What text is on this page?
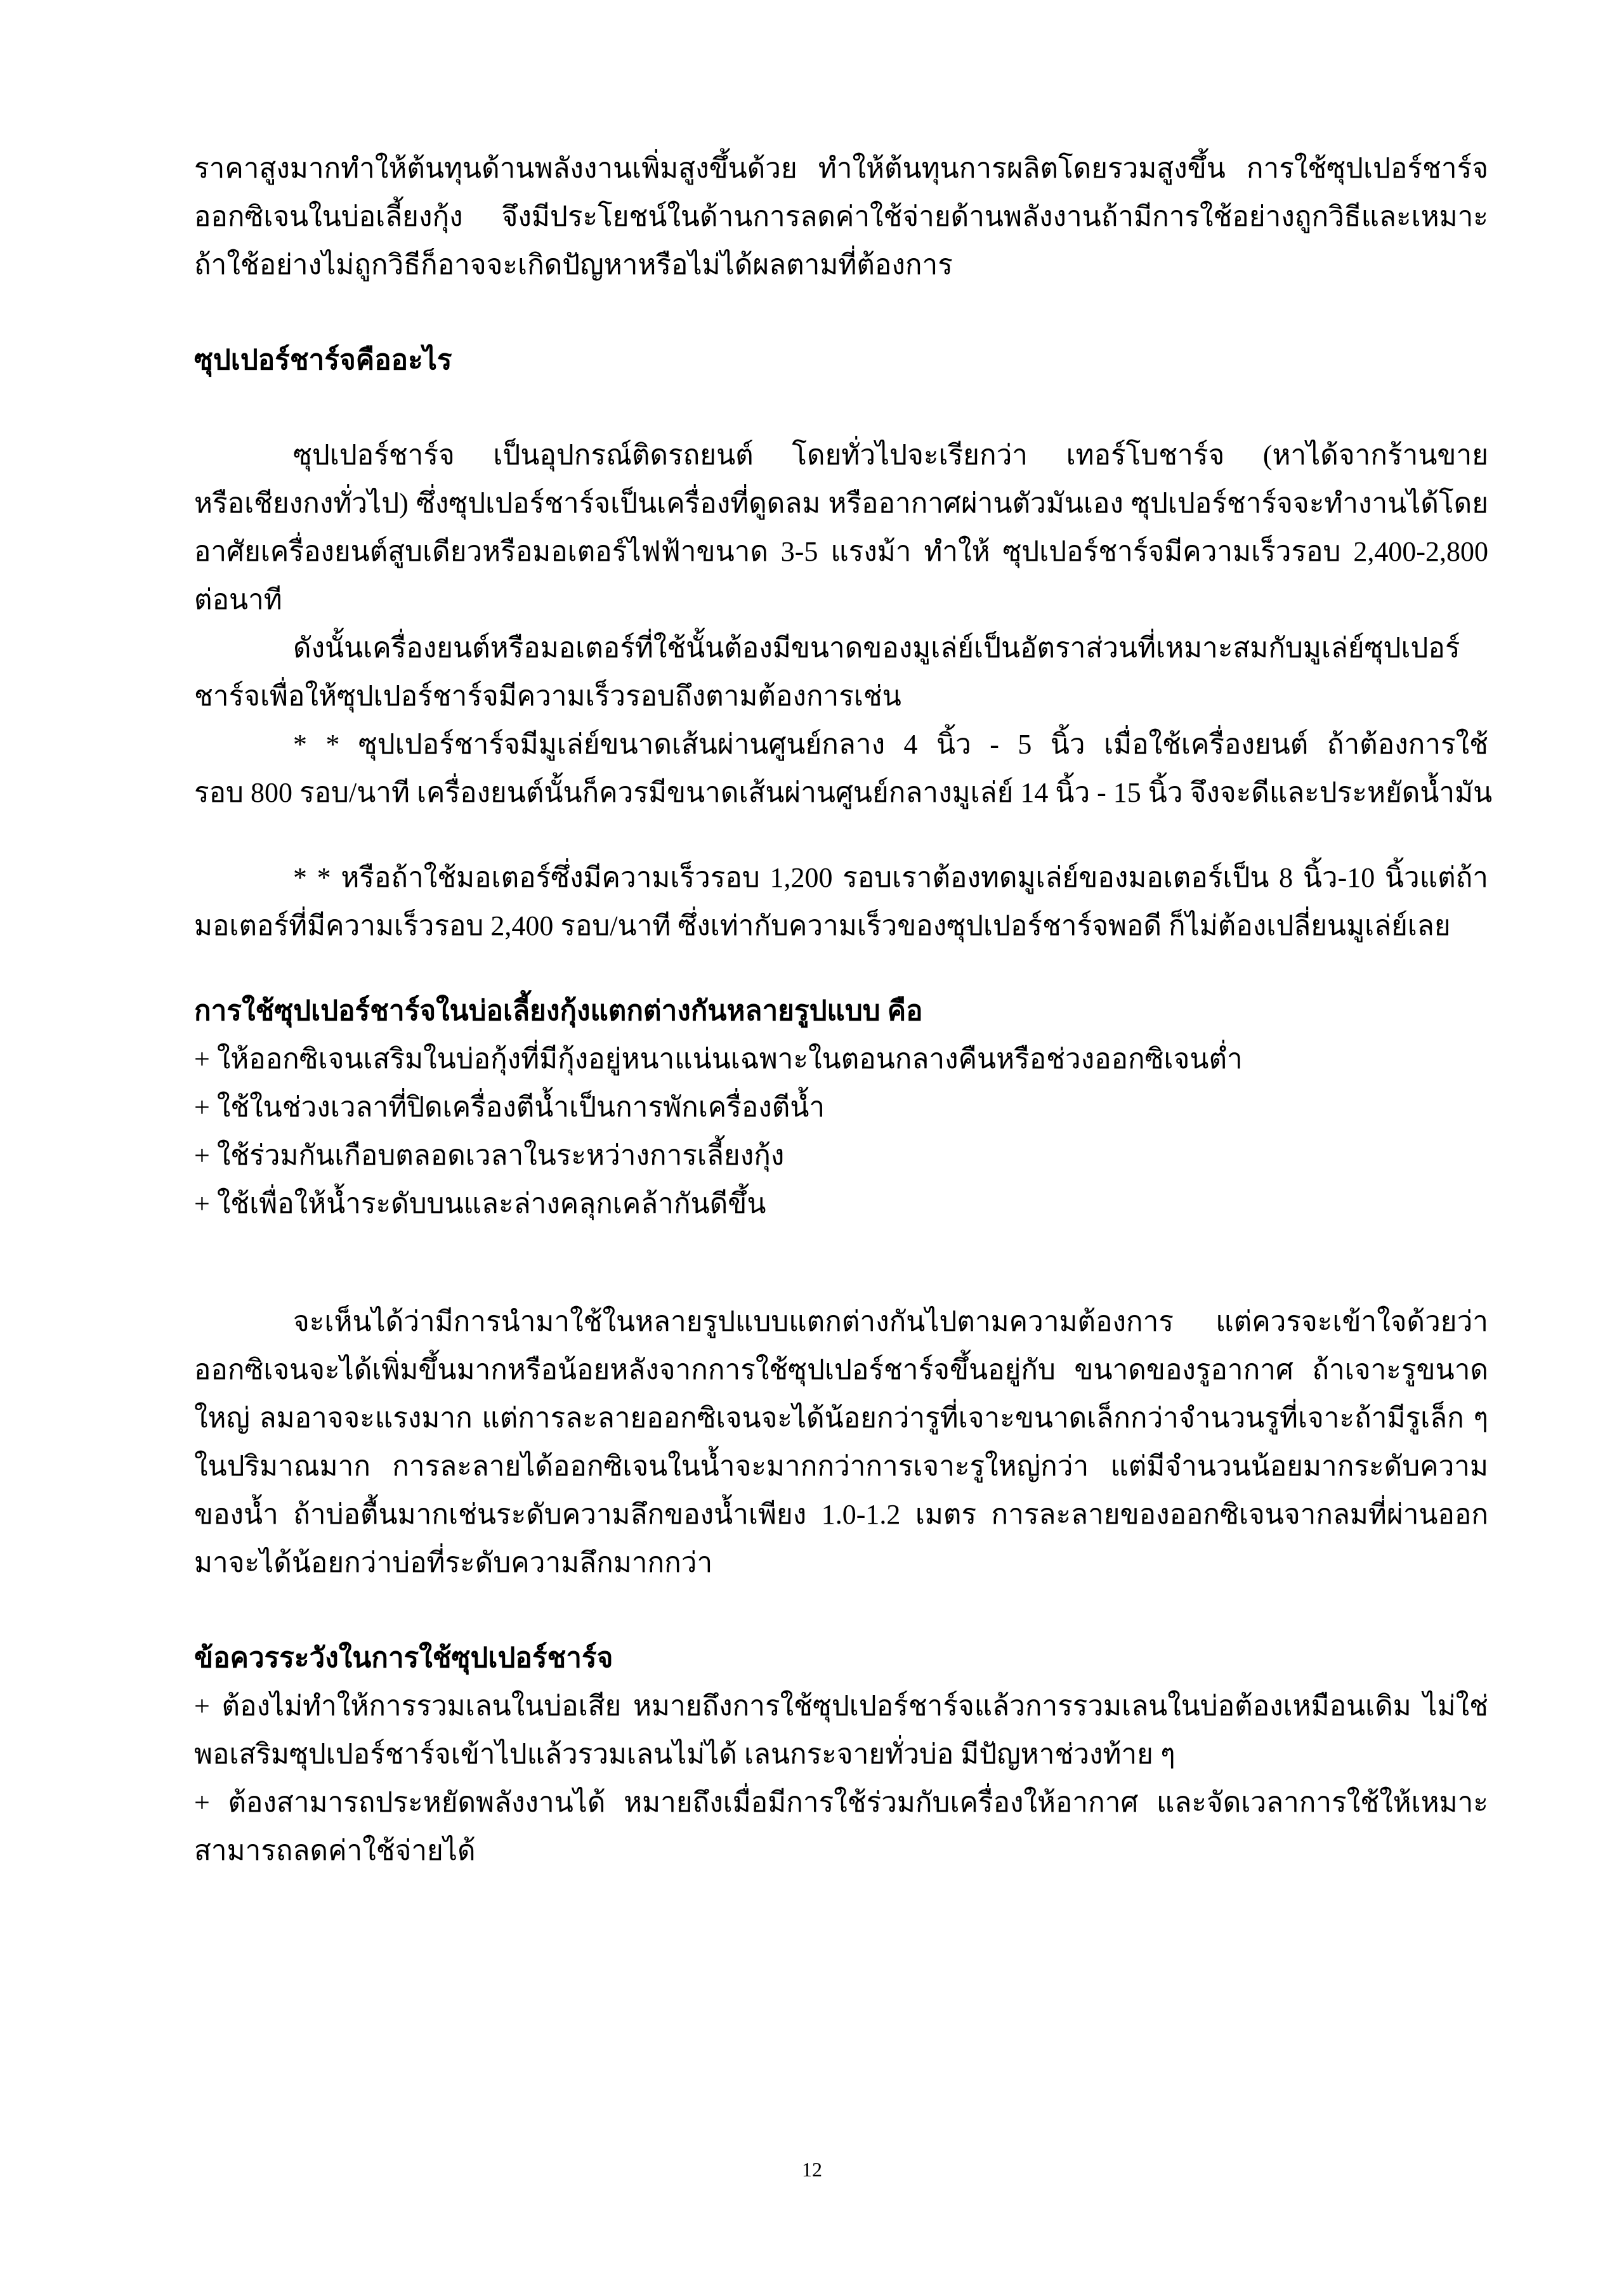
ราคาสูงมากทำให้ต้นทุนด้านพลังงานเพิ่มสูงขึ้นด้วย ทำให้ต้นทุนการผลิตโดยรวมสูงขึ้น การใช้ซุปเปอร์ชาร์จ
ออกซิเจนในบ่อเลี้ยงกุ้ง จึงมีประโยชน์ในด้านการลดค่าใช้จ่ายด้านพลังงานถ้ามีการใช้อย่างถูกวิธีและเหมาะ
ถ้าใช้อย่างไม่ถูกวิธีก็อาจจะเกิดปัญหาหรือไม่ได้ผลตามที่ต้องการ
ซุปเปอร์ชาร์จคืออะไร
ซุปเปอร์ชาร์จ เป็นอุปกรณ์ติดรถยนต์ โดยทั่วไปจะเรียกว่า เทอร์โบชาร์จ (หาได้จากร้านขาย
หรือเชียงกงทั่วไป) ซึ่งซุปเปอร์ชาร์จเป็นเครื่องที่ดูดลม หรืออากาศผ่านตัวมันเอง ซุปเปอร์ชาร์จจะทำงานได้โดย
อาศัยเครื่องยนต์สูบเดียวหรือมอเตอร์ไฟฟ้าขนาด 3-5 แรงม้า ทำให้ ซุปเปอร์ชาร์จมีความเร็วรอบ 2,400-2,800
ต่อนาที
ดังนั้นเครื่องยนต์หรือมอเตอร์ที่ใช้นั้นต้องมีขนาดของมูเล่ย์เป็นอัตราส่วนที่เหมาะสมกับมูเล่ย์ซุปเปอร์
ชาร์จเพื่อให้ซุปเปอร์ชาร์จมีความเร็วรอบถึงตามต้องการเช่น
* * ซุปเปอร์ชาร์จมีมูเล่ย์ขนาดเส้นผ่านศูนย์กลาง 4 นิ้ว - 5 นิ้ว เมื่อใช้เครื่องยนต์ ถ้าต้องการใช้
รอบ 800 รอบ/นาที เครื่องยนต์นั้นก็ควรมีขนาดเส้นผ่านศูนย์กลางมูเล่ย์ 14 นิ้ว - 15 นิ้ว จึงจะดีและประหยัดน้ำมัน
* * หรือถ้าใช้มอเตอร์ซึ่งมีความเร็วรอบ 1,200 รอบเราต้องทดมูเล่ย์ของมอเตอร์เป็น 8 นิ้ว-10 นิ้วแต่ถ้า
มอเตอร์ที่มีความเร็วรอบ 2,400 รอบ/นาที ซึ่งเท่ากับความเร็วของซุปเปอร์ชาร์จพอดี ก็ไม่ต้องเปลี่ยนมูเล่ย์เลย
การใช้ซุปเปอร์ชาร์จในบ่อเลี้ยงกุ้งแตกต่างกันหลายรูปแบบ คือ
+ ให้ออกซิเจนเสริมในบ่อกุ้งที่มีกุ้งอยู่หนาแน่นเฉพาะในตอนกลางคืนหรือช่วงออกซิเจนต่ำ
+ ใช้ในช่วงเวลาที่ปิดเครื่องตีน้ำเป็นการพักเครื่องตีน้ำ
+ ใช้ร่วมกันเกือบตลอดเวลาในระหว่างการเลี้ยงกุ้ง
+ ใช้เพื่อให้น้ำระดับบนและล่างคลุกเคล้ากันดีขึ้น
จะเห็นได้ว่ามีการนำมาใช้ในหลายรูปแบบแตกต่างกันไปตามความต้องการ แต่ควรจะเข้าใจด้วยว่า
ออกซิเจนจะได้เพิ่มขึ้นมากหรือน้อยหลังจากการใช้ซุปเปอร์ชาร์จขึ้นอยู่กับ ขนาดของรูอากาศ ถ้าเจาะรูขนาด
ใหญ่ ลมอาจจะแรงมาก แต่การละลายออกซิเจนจะได้น้อยกว่ารูที่เจาะขนาดเล็กกว่าจำนวนรูที่เจาะถ้ามีรูเล็ก ๆ
ในปริมาณมาก การละลายได้ออกซิเจนในน้ำจะมากกว่าการเจาะรูใหญ่กว่า แต่มีจำนวนน้อยมากระดับความ
ของน้ำ ถ้าบ่อตื้นมากเช่นระดับความลึกของน้ำเพียง 1.0-1.2 เมตร การละลายของออกซิเจนจากลมที่ผ่านออก
มาจะได้น้อยกว่าบ่อที่ระดับความลึกมากกว่า
ข้อควรระวังในการใช้ซุปเปอร์ชาร์จ
+ ต้องไม่ทำให้การรวมเลนในบ่อเสีย หมายถึงการใช้ซุปเปอร์ชาร์จแล้วการรวมเลนในบ่อต้องเหมือนเดิม ไม่ใช่
พอเสริมซุปเปอร์ชาร์จเข้าไปแล้วรวมเลนไม่ได้ เลนกระจายทั่วบ่อ มีปัญหาช่วงท้าย ๆ
+ ต้องสามารถประหยัดพลังงานได้ หมายถึงเมื่อมีการใช้ร่วมกับเครื่องให้อากาศ และจัดเวลาการใช้ให้เหมาะ
สามารถลดค่าใช้จ่ายได้
12
